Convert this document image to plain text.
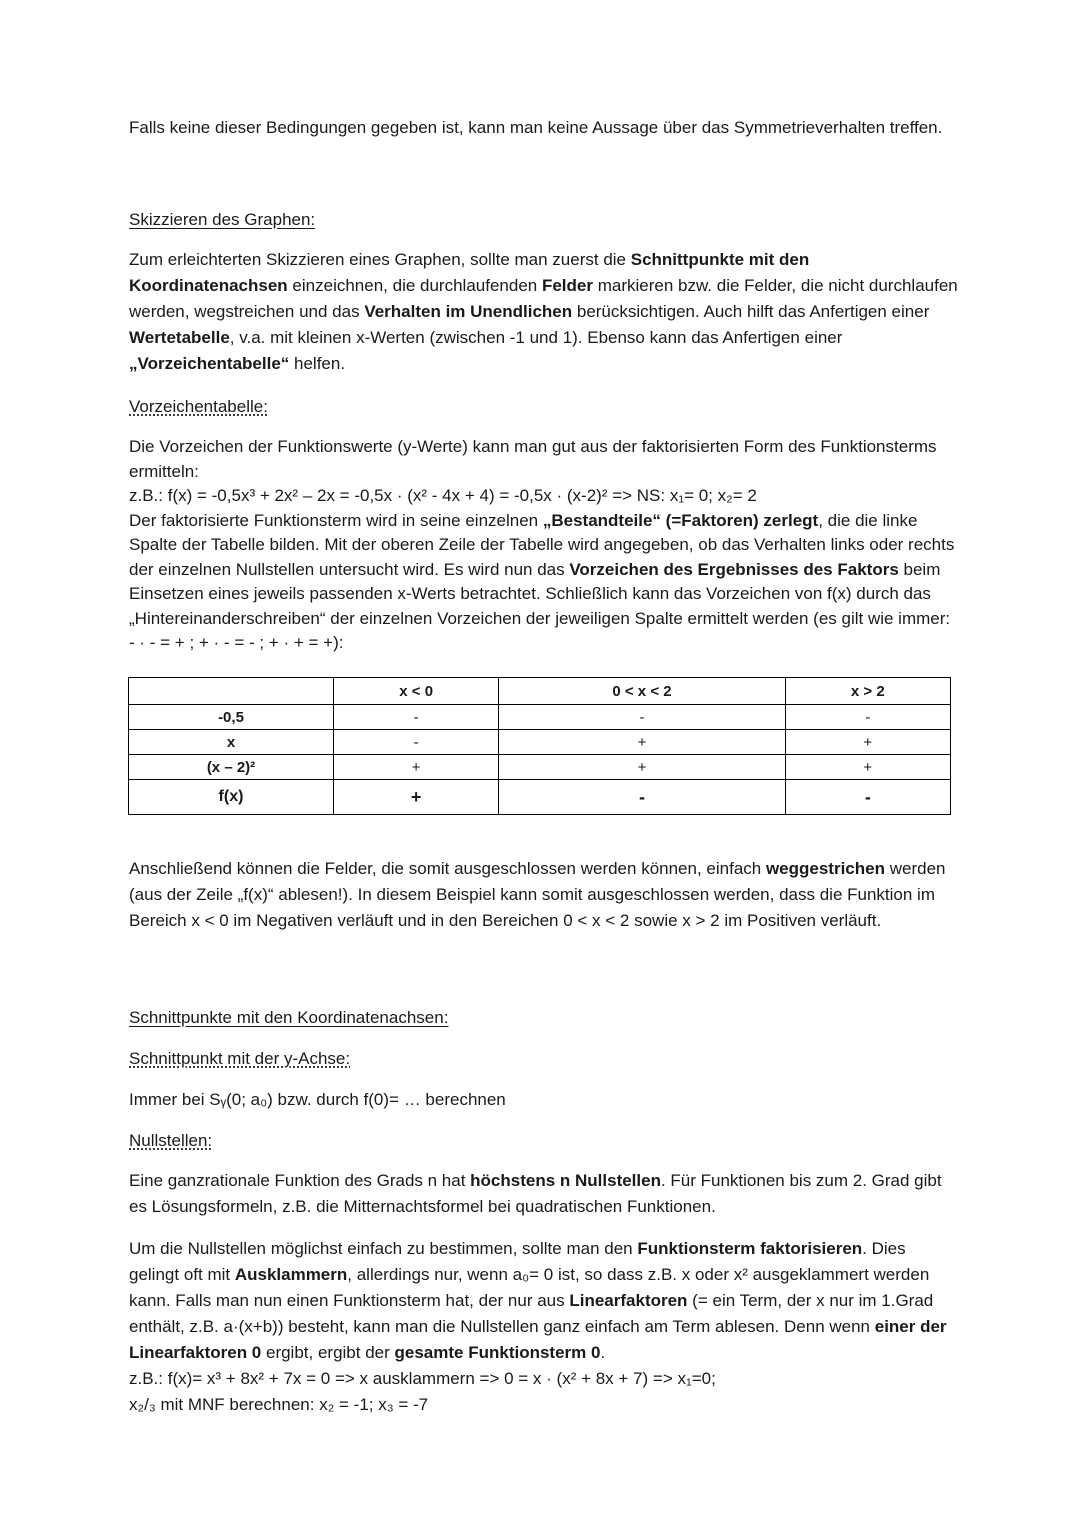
Falls keine dieser Bedingungen gegeben ist, kann man keine Aussage über das Symmetrieverhalten treffen.

Skizzieren des Graphen:

Zum erleichterten Skizzieren eines Graphen, sollte man zuerst die Schnittpunkte mit den Koordinatenachsen einzeichnen, die durchlaufenden Felder markieren bzw. die Felder, die nicht durchlaufen werden, wegstreichen und das Verhalten im Unendlichen berücksichtigen. Auch hilft das Anfertigen einer Wertetabelle, v.a. mit kleinen x-Werten (zwischen -1 und 1). Ebenso kann das Anfertigen einer „Vorzeichentabelle“ helfen.

Vorzeichentabelle:

Die Vorzeichen der Funktionswerte (y-Werte) kann man gut aus der faktorisierten Form des Funktionsterms ermitteln:
z.B.: f(x) = -0,5x³ + 2x² – 2x = -0,5x · (x² - 4x + 4) = -0,5x · (x-2)² => NS: x₁= 0; x₂= 2
Der faktorisierte Funktionsterm wird in seine einzelnen „Bestandteile“ (=Faktoren) zerlegt, die die linke Spalte der Tabelle bilden. Mit der oberen Zeile der Tabelle wird angegeben, ob das Verhalten links oder rechts der einzelnen Nullstellen untersucht wird. Es wird nun das Vorzeichen des Ergebnisses des Faktors beim Einsetzen eines jeweils passenden x-Werts betrachtet. Schließlich kann das Vorzeichen von f(x) durch das „Hintereinanderschreiben“ der einzelnen Vorzeichen der jeweiligen Spalte ermittelt werden (es gilt wie immer: - · - = + ; + · - = - ; + · + = +):

	x < 0	0 < x < 2	x > 2
-0,5	-	-	-
x	-	+	+
(x – 2)²	+	+	+
f(x)	+	-	-

Anschließend können die Felder, die somit ausgeschlossen werden können, einfach weggestrichen werden (aus der Zeile „f(x)“ ablesen!). In diesem Beispiel kann somit ausgeschlossen werden, dass die Funktion im Bereich x < 0 im Negativen verläuft und in den Bereichen 0 < x < 2 sowie x > 2 im Positiven verläuft.

Schnittpunkte mit den Koordinatenachsen:

Schnittpunkt mit der y-Achse:

Immer bei Sᵧ(0; a₀) bzw. durch f(0)= … berechnen

Nullstellen:

Eine ganzrationale Funktion des Grads n hat höchstens n Nullstellen. Für Funktionen bis zum 2. Grad gibt es Lösungsformeln, z.B. die Mitternachtsformel bei quadratischen Funktionen.

Um die Nullstellen möglichst einfach zu bestimmen, sollte man den Funktionsterm faktorisieren. Dies gelingt oft mit Ausklammern, allerdings nur, wenn a₀= 0 ist, so dass z.B. x oder x² ausgeklammert werden kann. Falls man nun einen Funktionsterm hat, der nur aus Linearfaktoren (= ein Term, der x nur im 1.Grad enthält, z.B. a·(x+b)) besteht, kann man die Nullstellen ganz einfach am Term ablesen. Denn wenn einer der Linearfaktoren 0 ergibt, ergibt der gesamte Funktionsterm 0.
z.B.: f(x)= x³ + 8x² + 7x = 0 => x ausklammern => 0 = x · (x² + 8x + 7) => x₁=0;
x₂/₃ mit MNF berechnen: x₂ = -1; x₃ = -7
